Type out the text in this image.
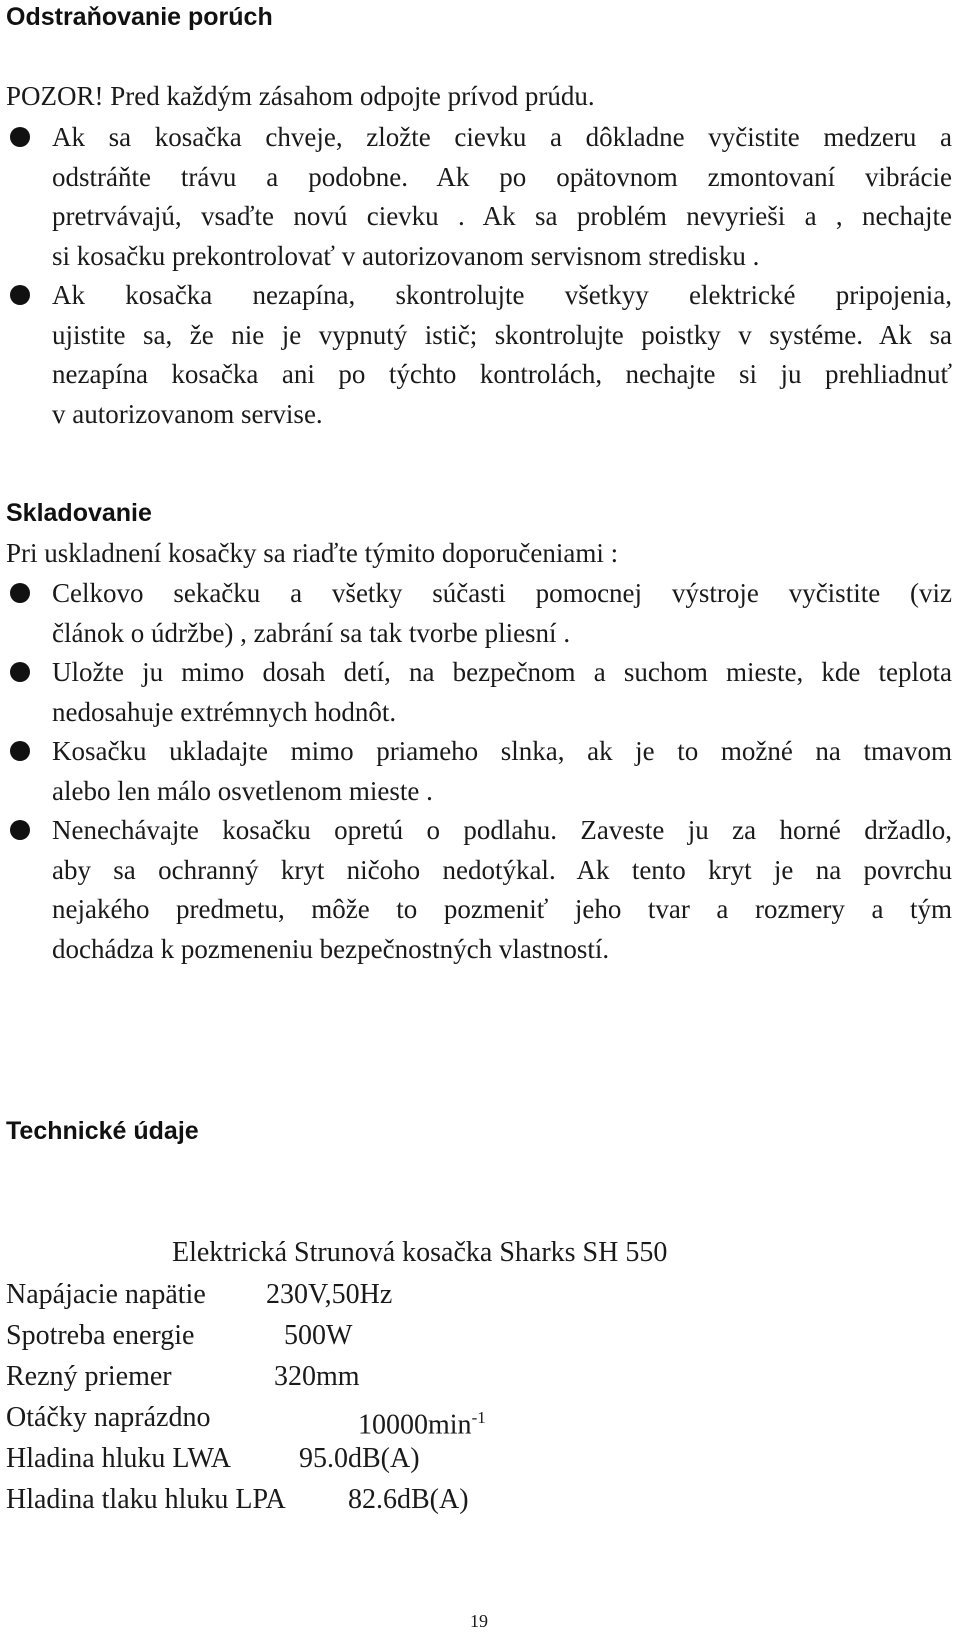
Odstraňovanie porúch

POZOR! Pred každým zásahom odpojte prívod prúdu.

Ak sa kosačka chveje, zložte cievku a dôkladne vyčistite medzeru a
odstráňte trávu a podobne. Ak po opätovnom zmontovaní vibrácie
pretrvávajú, vsaďte novú cievku . Ak sa problém nevyrieši a , nechajte
si kosačku prekontrolovať v autorizovanom servisnom stredisku .

Ak kosačka nezapína, skontrolujte všetkyy elektrické pripojenia,
ujistite sa, že nie je vypnutý istič; skontrolujte poistky v systéme. Ak sa
nezapína kosačka ani po týchto kontrolách, nechajte si ju prehliadnuť
v autorizovanom servise.

Skladovanie

Pri uskladnení kosačky sa riaďte týmito doporučeniami :

Celkovo sekačku a všetky súčasti pomocnej výstroje vyčistite (viz
článok o údržbe) , zabrání sa tak tvorbe pliesní .

Uložte ju mimo dosah detí, na bezpečnom a suchom mieste, kde teplota
nedosahuje extrémnych hodnôt.

Kosačku ukladajte mimo priameho slnka, ak je to možné na tmavom
alebo len málo osvetlenom mieste .

Nenechávajte kosačku opretú o podlahu. Zaveste ju za horné držadlo,
aby sa ochranný kryt ničoho nedotýkal. Ak tento kryt je na povrchu
nejakého predmetu, môže to pozmeniť jeho tvar a rozmery a tým
dochádza k pozmeneniu bezpečnostných vlastností.

Technické údaje

Elektrická Strunová kosačka Sharks SH 550

Napájacie napätie 230V,50Hz
Spotreba energie	500W
Rezný priemer	320mm
Otáčky naprázdno	$10000\min^{-1}$
Hladina hluku LWA 95.0dB(A)
Hladina tlaku hluku LPA 82.6dB(A)
19
